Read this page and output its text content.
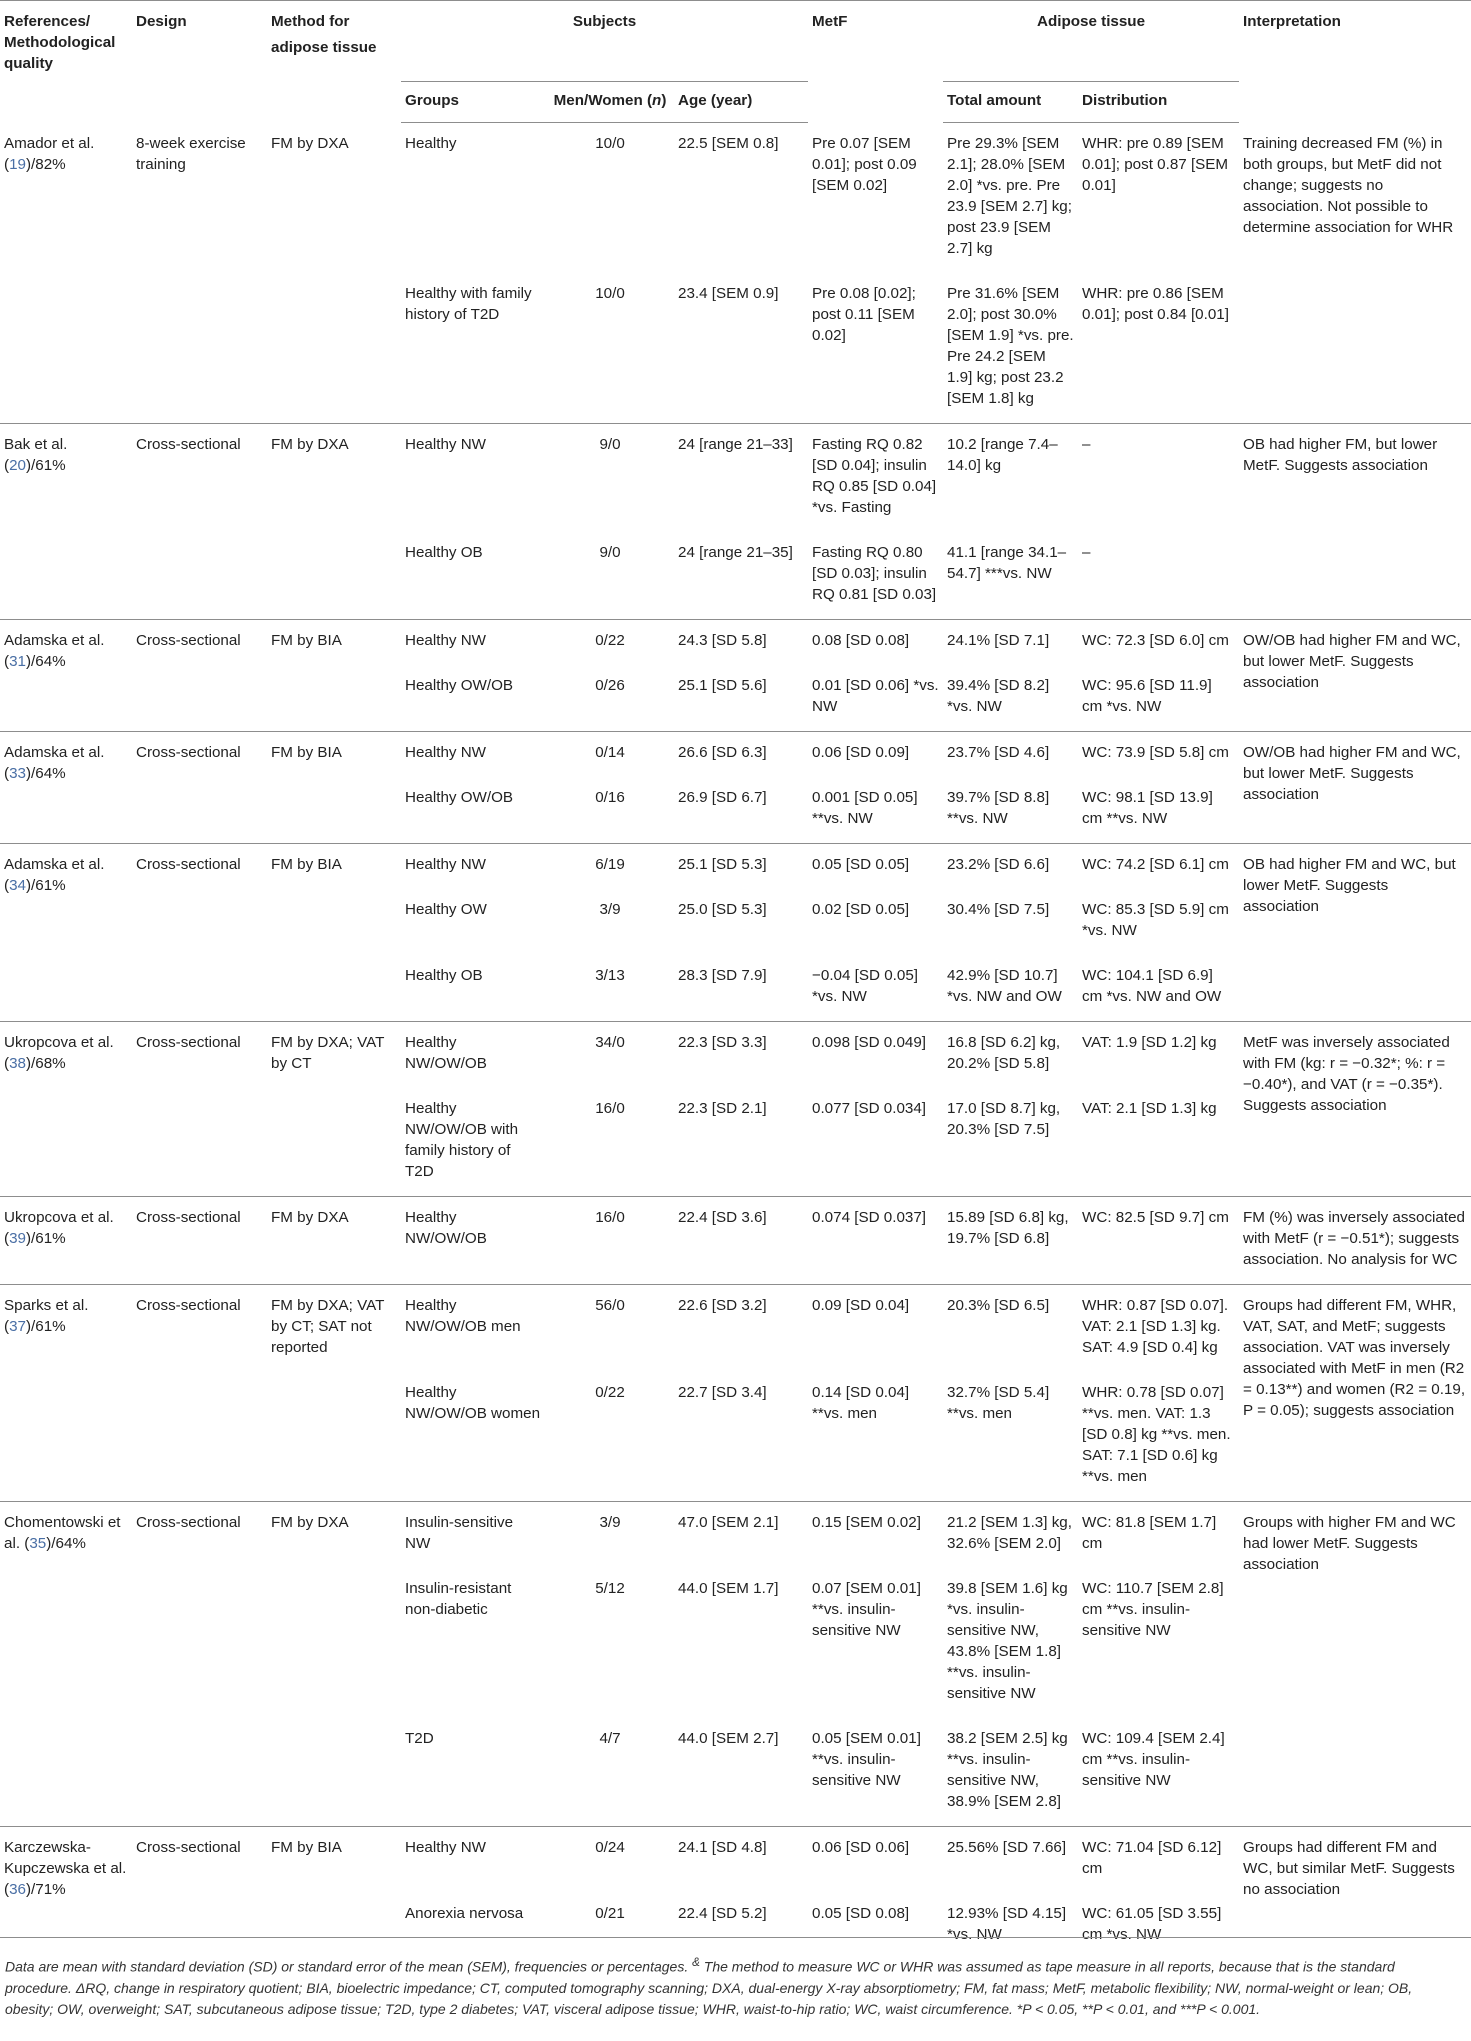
References/ Methodological quality	Design	Method for adipose tissue	Subjects			MetF	Adipose tissue		Interpretation
			Groups	Men/Women (n)	Age (year)		Total amount	Distribution	
Amador et al. (19)/82%	8-week exercise training	FM by DXA	Healthy	10/0	22.5 [SEM 0.8]	Pre 0.07 [SEM 0.01]; post 0.09 [SEM 0.02]	Pre 29.3% [SEM 2.1]; 28.0% [SEM 2.0] *vs. pre. Pre 23.9 [SEM 2.7] kg; post 23.9 [SEM 2.7] kg	WHR: pre 0.89 [SEM 0.01]; post 0.87 [SEM 0.01]	Training decreased FM (%) in both groups, but MetF did not change; suggests no association. Not possible to determine association for WHR
			Healthy with family history of T2D	10/0	23.4 [SEM 0.9]	Pre 0.08 [0.02]; post 0.11 [SEM 0.02]	Pre 31.6% [SEM 2.0]; post 30.0% [SEM 1.9] *vs. pre. Pre 24.2 [SEM 1.9] kg; post 23.2 [SEM 1.8] kg	WHR: pre 0.86 [SEM 0.01]; post 0.84 [0.01]	
Bak et al. (20)/61%	Cross-sectional	FM by DXA	Healthy NW	9/0	24 [range 21–33]	Fasting RQ 0.82 [SD 0.04]; insulin RQ 0.85 [SD 0.04] *vs. Fasting	10.2 [range 7.4–14.0] kg	–	OB had higher FM, but lower MetF. Suggests association
			Healthy OB	9/0	24 [range 21–35]	Fasting RQ 0.80 [SD 0.03]; insulin RQ 0.81 [SD 0.03]	41.1 [range 34.1–54.7] ***vs. NW	–	
Adamska et al. (31)/64%	Cross-sectional	FM by BIA	Healthy NW	0/22	24.3 [SD 5.8]	0.08 [SD 0.08]	24.1% [SD 7.1]	WC: 72.3 [SD 6.0] cm	OW/OB had higher FM and WC, but lower MetF. Suggests association
			Healthy OW/OB	0/26	25.1 [SD 5.6]	0.01 [SD 0.06] *vs. NW	39.4% [SD 8.2] *vs. NW	WC: 95.6 [SD 11.9] cm *vs. NW	
Adamska et al. (33)/64%	Cross-sectional	FM by BIA	Healthy NW	0/14	26.6 [SD 6.3]	0.06 [SD 0.09]	23.7% [SD 4.6]	WC: 73.9 [SD 5.8] cm	OW/OB had higher FM and WC, but lower MetF. Suggests association
			Healthy OW/OB	0/16	26.9 [SD 6.7]	0.001 [SD 0.05] **vs. NW	39.7% [SD 8.8] **vs. NW	WC: 98.1 [SD 13.9] cm **vs. NW	
Adamska et al. (34)/61%	Cross-sectional	FM by BIA	Healthy NW	6/19	25.1 [SD 5.3]	0.05 [SD 0.05]	23.2% [SD 6.6]	WC: 74.2 [SD 6.1] cm	OB had higher FM and WC, but lower MetF. Suggests association
			Healthy OW	3/9	25.0 [SD 5.3]	0.02 [SD 0.05]	30.4% [SD 7.5]	WC: 85.3 [SD 5.9] cm *vs. NW	
			Healthy OB	3/13	28.3 [SD 7.9]	−0.04 [SD 0.05] *vs. NW	42.9% [SD 10.7] *vs. NW and OW	WC: 104.1 [SD 6.9] cm *vs. NW and OW	
Ukropcova et al. (38)/68%	Cross-sectional	FM by DXA; VAT by CT	Healthy NW/OW/OB	34/0	22.3 [SD 3.3]	0.098 [SD 0.049]	16.8 [SD 6.2] kg, 20.2% [SD 5.8]	VAT: 1.9 [SD 1.2] kg	MetF was inversely associated with FM (kg: r = −0.32*; %: r = −0.40*), and VAT (r = −0.35*). Suggests association
			Healthy NW/OW/OB with family history of T2D	16/0	22.3 [SD 2.1]	0.077 [SD 0.034]	17.0 [SD 8.7] kg, 20.3% [SD 7.5]	VAT: 2.1 [SD 1.3] kg	
Ukropcova et al. (39)/61%	Cross-sectional	FM by DXA	Healthy NW/OW/OB	16/0	22.4 [SD 3.6]	0.074 [SD 0.037]	15.89 [SD 6.8] kg, 19.7% [SD 6.8]	WC: 82.5 [SD 9.7] cm	FM (%) was inversely associated with MetF (r = −0.51*); suggests association. No analysis for WC
Sparks et al. (37)/61%	Cross-sectional	FM by DXA; VAT by CT; SAT not reported	Healthy NW/OW/OB men	56/0	22.6 [SD 3.2]	0.09 [SD 0.04]	20.3% [SD 6.5]	WHR: 0.87 [SD 0.07]. VAT: 2.1 [SD 1.3] kg. SAT: 4.9 [SD 0.4] kg	Groups had different FM, WHR, VAT, SAT, and MetF; suggests association. VAT was inversely associated with MetF in men (R2 = 0.13**) and women (R2 = 0.19, P = 0.05); suggests association
			Healthy NW/OW/OB women	0/22	22.7 [SD 3.4]	0.14 [SD 0.04] **vs. men	32.7% [SD 5.4] **vs. men	WHR: 0.78 [SD 0.07] **vs. men. VAT: 1.3 [SD 0.8] kg **vs. men. SAT: 7.1 [SD 0.6] kg **vs. men	
Chomentowski et al. (35)/64%	Cross-sectional	FM by DXA	Insulin-sensitive NW	3/9	47.0 [SEM 2.1]	0.15 [SEM 0.02]	21.2 [SEM 1.3] kg, 32.6% [SEM 2.0]	WC: 81.8 [SEM 1.7] cm	Groups with higher FM and WC had lower MetF. Suggests association
			Insulin-resistant non-diabetic	5/12	44.0 [SEM 1.7]	0.07 [SEM 0.01] **vs. insulin-sensitive NW	39.8 [SEM 1.6] kg *vs. insulin-sensitive NW, 43.8% [SEM 1.8] **vs. insulin-sensitive NW	WC: 110.7 [SEM 2.8] cm **vs. insulin-sensitive NW	
			T2D	4/7	44.0 [SEM 2.7]	0.05 [SEM 0.01] **vs. insulin-sensitive NW	38.2 [SEM 2.5] kg **vs. insulin-sensitive NW, 38.9% [SEM 2.8]	WC: 109.4 [SEM 2.4] cm **vs. insulin-sensitive NW	
Karczewska-Kupczewska et al. (36)/71%	Cross-sectional	FM by BIA	Healthy NW	0/24	24.1 [SD 4.8]	0.06 [SD 0.06]	25.56% [SD 7.66]	WC: 71.04 [SD 6.12] cm	Groups had different FM and WC, but similar MetF. Suggests no association
			Anorexia nervosa	0/21	22.4 [SD 5.2]	0.05 [SD 0.08]	12.93% [SD 4.15] *vs. NW	WC: 61.05 [SD 3.55] cm *vs. NW	
Data are mean with standard deviation (SD) or standard error of the mean (SEM), frequencies or percentages. & The method to measure WC or WHR was assumed as tape measure in all reports, because that is the standard procedure. ΔRQ, change in respiratory quotient; BIA, bioelectric impedance; CT, computed tomography scanning; DXA, dual-energy X-ray absorptiometry; FM, fat mass; MetF, metabolic flexibility; NW, normal-weight or lean; OB, obesity; OW, overweight; SAT, subcutaneous adipose tissue; T2D, type 2 diabetes; VAT, visceral adipose tissue; WHR, waist-to-hip ratio; WC, waist circumference. *P < 0.05, **P < 0.01, and ***P < 0.001.
